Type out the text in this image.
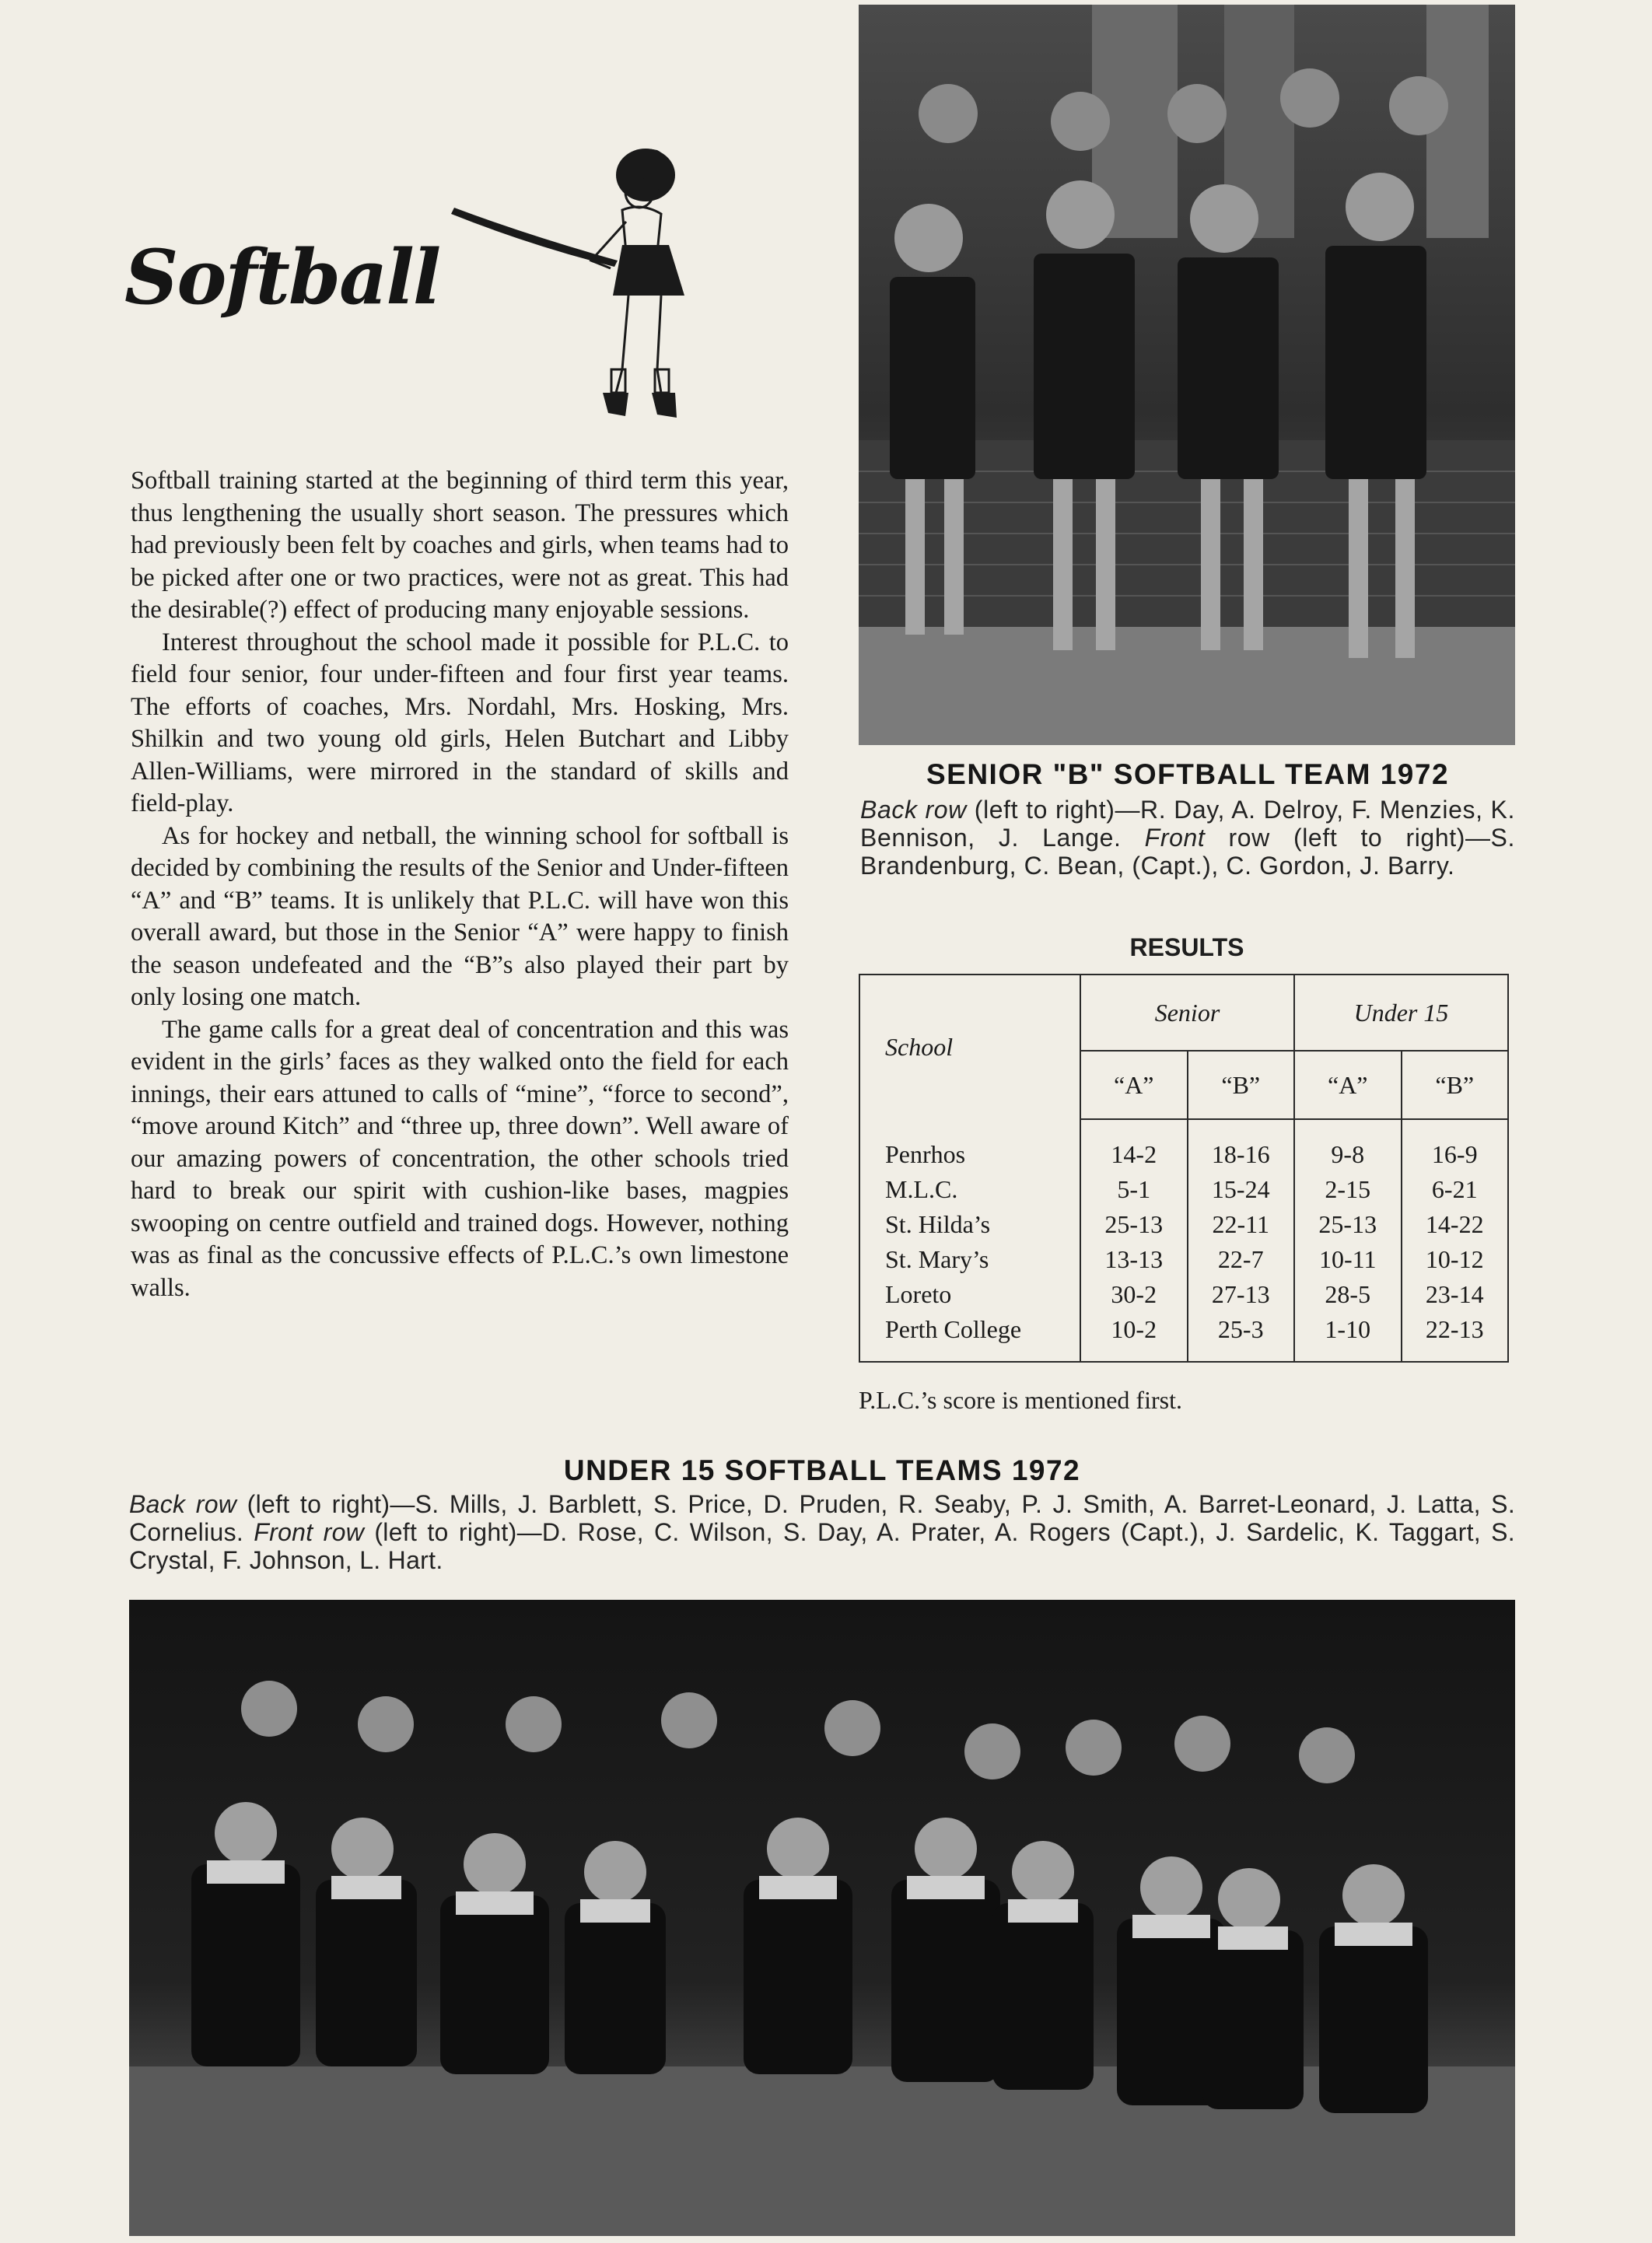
Softball

Softball training started at the beginning of third term this year, thus lengthening the usually short season. The pressures which had previously been felt by coaches and girls, when teams had to be picked after one or two practices, were not as great. This had the desirable(?) effect of producing many enjoyable sessions.

Interest throughout the school made it possible for P.L.C. to field four senior, four under-fifteen and four first year teams. The efforts of coaches, Mrs. Nordahl, Mrs. Hosking, Mrs. Shilkin and two young old girls, Helen Butchart and Libby Allen-Williams, were mirrored in the standard of skills and field-play.

As for hockey and netball, the winning school for softball is decided by combining the results of the Senior and Under-fifteen “A” and “B” teams. It is unlikely that P.L.C. will have won this overall award, but those in the Senior “A” were happy to finish the season undefeated and the “B”s also played their part by only losing one match.

The game calls for a great deal of concentration and this was evident in the girls’ faces as they walked onto the field for each innings, their ears attuned to calls of “mine”, “force to second”, “move around Kitch” and “three up, three down”. Well aware of our amazing powers of concentration, the other schools tried hard to break our spirit with cushion-like bases, magpies swooping on centre outfield and trained dogs. However, nothing was as final as the concussive effects of P.L.C.’s own limestone walls.

SENIOR "B" SOFTBALL TEAM 1972

Back row (left to right)—R. Day, A. Delroy, F. Menzies, K. Bennison, J. Lange. Front row (left to right)—S. Brandenburg, C. Bean, (Capt.), C. Gordon, J. Barry.

RESULTS
School	Senior		Under 15	
	“A”	“B”	“A”	“B”
Penrhos	14-2	18-16	9-8	16-9
M.L.C.	5-1	15-24	2-15	6-21
St. Hilda’s	25-13	22-11	25-13	14-22
St. Mary’s	13-13	22-7	10-11	10-12
Loreto	30-2	27-13	28-5	23-14
Perth College	10-2	25-3	1-10	22-13
P.L.C.’s score is mentioned first.

UNDER 15 SOFTBALL TEAMS 1972

Back row (left to right)—S. Mills, J. Barblett, S. Price, D. Pruden, R. Seaby, P. J. Smith, A. Barret-Leonard, J. Latta, S. Cornelius. Front row (left to right)—D. Rose, C. Wilson, S. Day, A. Prater, A. Rogers (Capt.), J. Sardelic, K. Taggart, S. Crystal, F. Johnson, L. Hart.
